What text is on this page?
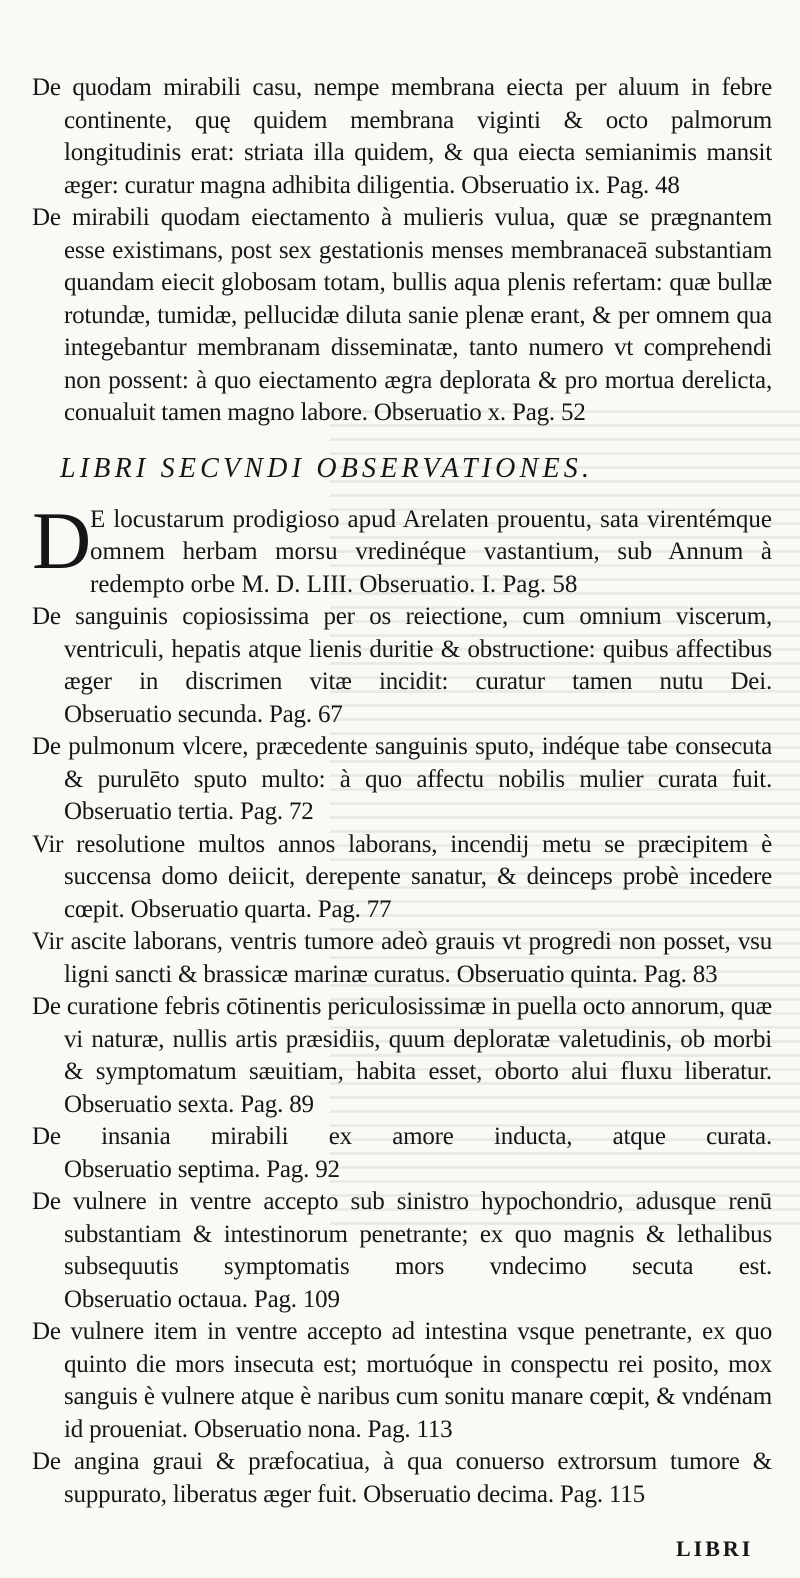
De quodam mirabili casu, nempe membrana eiecta per aluum in febre continente, quę quidem membrana viginti & octo palmorum longitudinis erat: striata illa quidem, & qua eiecta semianimis mansit æger: curatur magna adhibita diligentia. Obseruatio ix. Pag. 48

De mirabili quodam eiectamento à mulieris vulua, quæ se prægnantem esse existimans, post sex gestationis menses membranaceā substantiam quandam eiecit globosam totam, bullis aqua plenis refertam: quæ bullæ rotundæ, tumidæ, pellucidæ diluta sanie plenæ erant, & per omnem qua integebantur membranam disseminatæ, tanto numero vt comprehendi non possent: à quo eiectamento ægra deplorata & pro mortua derelicta, conualuit tamen magno labore. Obseruatio x. Pag. 52

LIBRI SECVNDI OBSERVATIONES.
D

E locustarum prodigioso apud Arelaten prouentu, sata virentémque omnem herbam morsu vredinéque vastantium, sub Annum à redempto orbe M. D. LIII. Obseruatio. I. Pag. 58

De sanguinis copiosissima per os reiectione, cum omnium viscerum, ventriculi, hepatis atque lienis duritie & obstructione: quibus affectibus æger in discrimen vitæ incidit: curatur tamen nutu Dei. Obseruatio secunda. Pag. 67

De pulmonum vlcere, præcedente sanguinis sputo, indéque tabe consecuta & purulēto sputo multo: à quo affectu nobilis mulier curata fuit. Obseruatio tertia. Pag. 72

Vir resolutione multos annos laborans, incendij metu se præcipitem è succensa domo deiicit, derepente sanatur, & deinceps probè incedere cœpit. Obseruatio quarta. Pag. 77

Vir ascite laborans, ventris tumore adeò grauis vt progredi non posset, vsu ligni sancti & brassicæ marinæ curatus. Obseruatio quinta. Pag. 83

De curatione febris cōtinentis periculosissimæ in puella octo annorum, quæ vi naturæ, nullis artis præsidiis, quum deploratæ valetudinis, ob morbi & symptomatum sæuitiam, habita esset, oborto alui fluxu liberatur. Obseruatio sexta. Pag. 89

De insania mirabili ex amore inducta, atque curata. Obseruatio septima. Pag. 92

De vulnere in ventre accepto sub sinistro hypochondrio, adusque renū substantiam & intestinorum penetrante; ex quo magnis & lethalibus subsequutis symptomatis mors vndecimo secuta est. Obseruatio octaua. Pag. 109

De vulnere item in ventre accepto ad intestina vsque penetrante, ex quo quinto die mors insecuta est; mortuóque in conspectu rei posito, mox sanguis è vulnere atque è naribus cum sonitu manare cœpit, & vndénam id proueniat. Obseruatio nona. Pag. 113

De angina graui & præfocatiua, à qua conuerso extrorsum tumore & suppurato, liberatus æger fuit. Obseruatio decima. Pag. 115

LIBRI
